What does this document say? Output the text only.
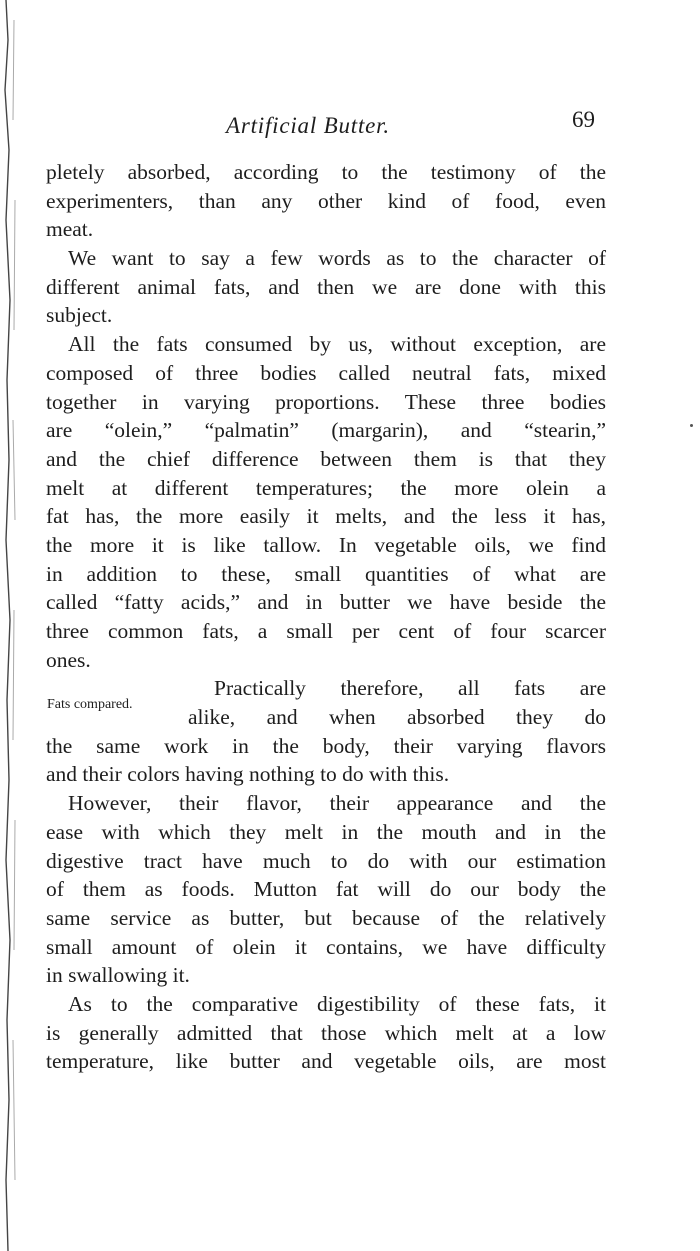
Artificial Butter.	69
pletely absorbed, according to the testimony of the
experimenters, than any other kind of food, even
meat.
We want to say a few words as to the character of
different animal fats, and then we are done with this
subject.
All the fats consumed by us, without exception, are
composed of three bodies called neutral fats, mixed
together in varying proportions. These three bodies
are “olein,” “palmatin” (margarin), and “stearin,”
and the chief difference between them is that they
melt at different temperatures; the more olein a
fat has, the more easily it melts, and the less it has,
the more it is like tallow. In vegetable oils, we find
in addition to these, small quantities of what are
called “fatty acids,” and in butter we have beside the
three common fats, a small per cent of four scarcer
ones.
Practically therefore, all fats are
alike, and when absorbed they do
the same work in the body, their varying flavors
and their colors having nothing to do with this.
However, their flavor, their appearance and the
ease with which they melt in the mouth and in the
digestive tract have much to do with our estimation
of them as foods. Mutton fat will do our body the
same service as butter, but because of the relatively
small amount of olein it contains, we have difficulty
in swallowing it.
As to the comparative digestibility of these fats, it
is generally admitted that those which melt at a low
temperature, like butter and vegetable oils, are most
Fats compared.
